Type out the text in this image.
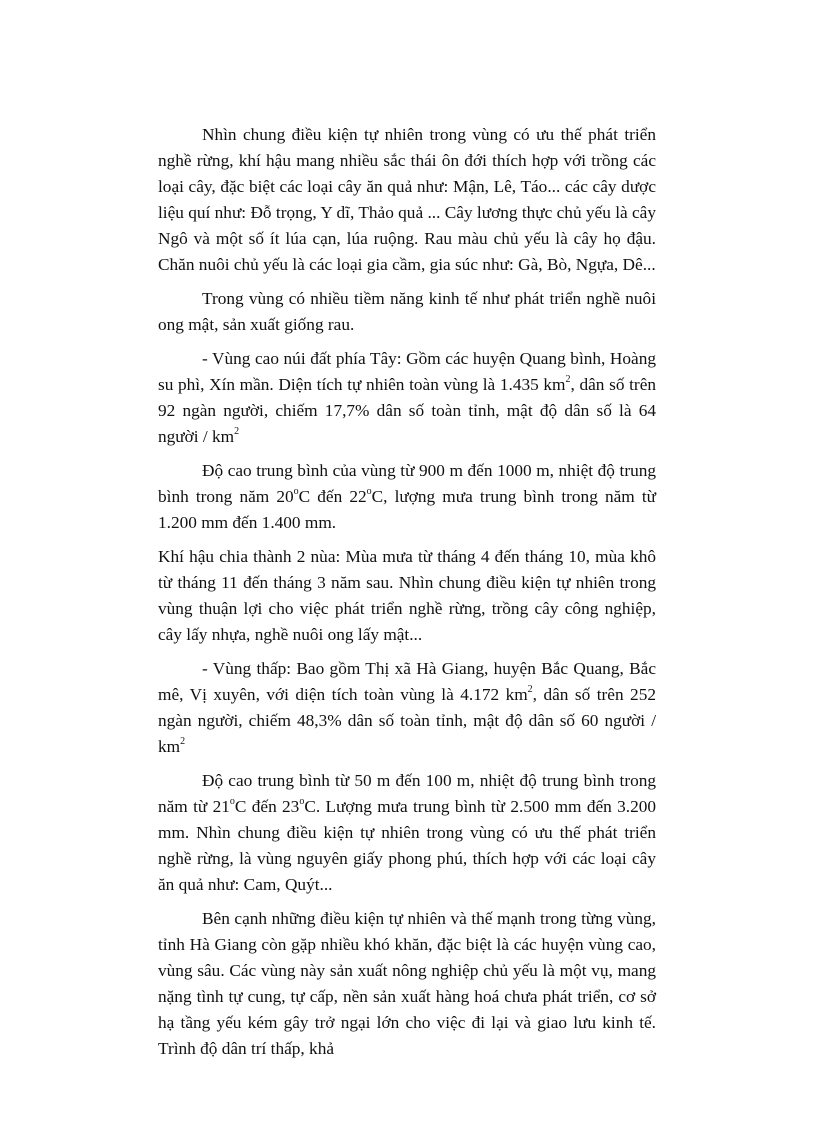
Nhìn chung điều kiện tự nhiên trong vùng có ưu thế phát triển nghề rừng, khí hậu mang nhiều sắc thái ôn đới thích hợp với trồng các loại cây, đặc biệt các loại cây ăn quả như: Mận, Lê, Táo... các cây dược liệu quí như: Đỗ trọng, Y dĩ, Thảo quả ... Cây lương thực chủ yếu là cây Ngô và một số ít lúa cạn, lúa ruộng. Rau màu chủ yếu là cây họ đậu. Chăn nuôi chủ yếu là các loại gia cầm, gia súc như: Gà, Bò, Ngựa, Dê...

Trong vùng có nhiều tiềm năng kinh tế như phát triển nghề nuôi ong mật, sản xuất giống rau.

- Vùng cao núi đất phía Tây: Gồm các huyện Quang bình, Hoàng su phì, Xín mần. Diện tích tự nhiên toàn vùng là 1.435 $km^2$, dân số trên 92 ngàn người, chiếm 17,7% dân số toàn tỉnh, mật độ dân số là 64 người / $km^2$

Độ cao trung bình của vùng từ 900 m đến 1000 m, nhiệt độ trung bình trong năm 20$^o$C đến 22$^o$C, lượng mưa trung bình trong năm từ 1.200 mm đến 1.400 mm.

Khí hậu chia thành 2 nùa: Mùa mưa từ tháng 4 đến tháng 10, mùa khô từ tháng 11 đến tháng 3 năm sau. Nhìn chung điều kiện tự nhiên trong vùng thuận lợi cho việc phát triển nghề rừng, trồng cây công nghiệp, cây lấy nhựa, nghề nuôi ong lấy mật...

- Vùng thấp: Bao gồm Thị xã Hà Giang, huyện Bắc Quang, Bắc mê, Vị xuyên, với diện tích toàn vùng là 4.172 $km^2$, dân số trên 252 ngàn người, chiếm 48,3% dân số toàn tỉnh, mật độ dân số 60 người / $km^2$

Độ cao trung bình từ 50 m đến 100 m, nhiệt độ trung bình trong năm từ 21$^o$C đến 23$^o$C. Lượng mưa trung bình từ 2.500 mm đến 3.200 mm. Nhìn chung điều kiện tự nhiên trong vùng có ưu thế phát triển nghề rừng, là vùng nguyên giấy phong phú, thích hợp với các loại cây ăn quả như: Cam, Quýt...

Bên cạnh những điều kiện tự nhiên và thế mạnh trong từng vùng, tỉnh Hà Giang còn gặp nhiều khó khăn, đặc biệt là các huyện vùng cao, vùng sâu. Các vùng này sản xuất nông nghiệp chủ yếu là một vụ, mang nặng tình tự cung, tự cấp, nền sản xuất hàng hoá chưa phát triển, cơ sở hạ tầng yếu kém gây trở ngại lớn cho việc đi lại và giao lưu kinh tế. Trình độ dân trí thấp, khả
